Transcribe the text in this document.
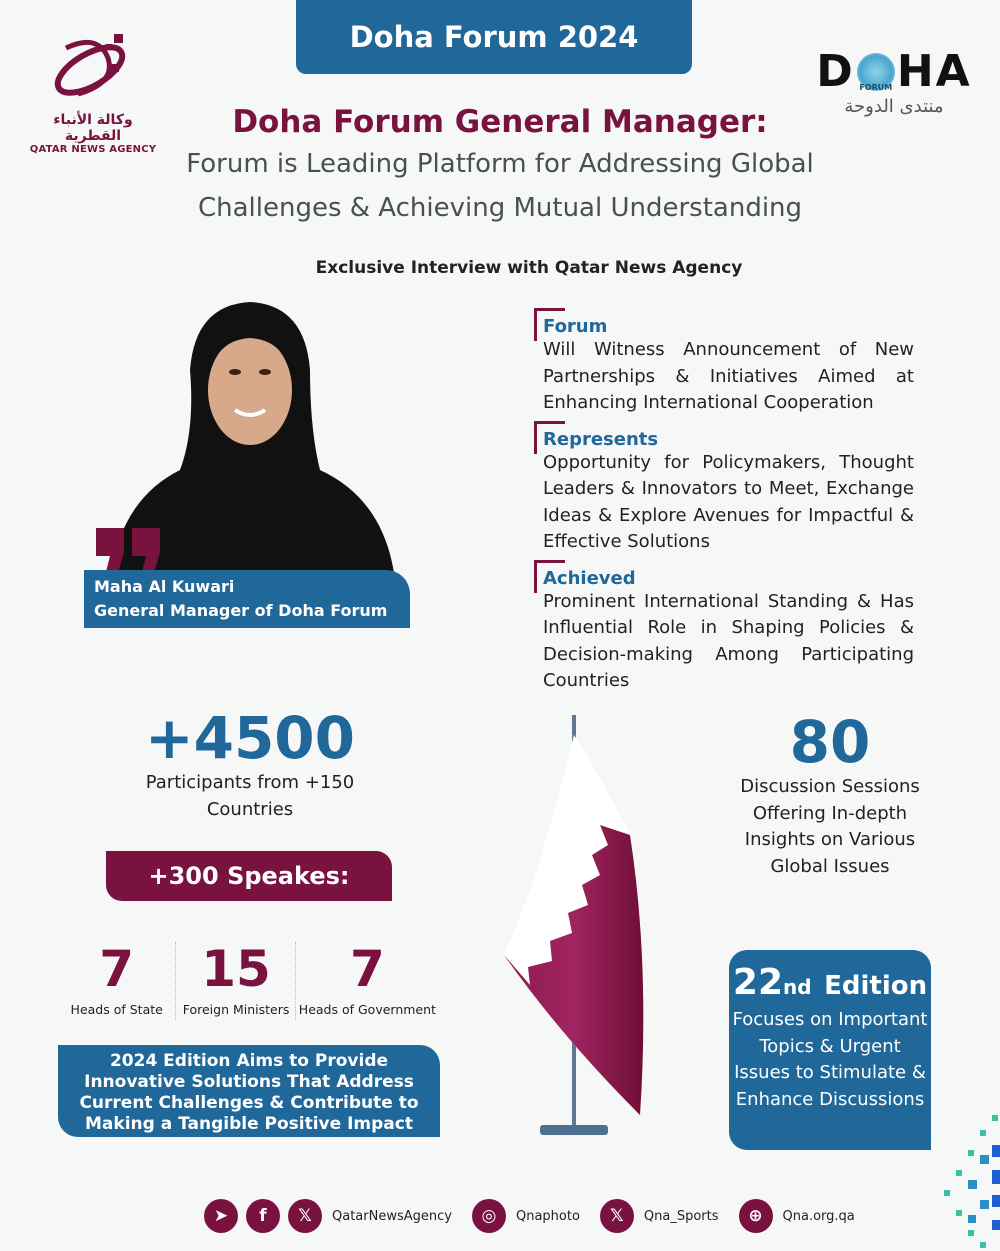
Doha Forum 2024
وكالة الأنباء القطرية
QATAR NEWS AGENCY
D FORUM HA
منتدى الدوحة
Doha Forum General Manager:
Forum is Leading Platform for Addressing Global
Challenges & Achieving Mutual Understanding
Exclusive Interview with Qatar News Agency
Maha Al Kuwari
General Manager of Doha Forum
Forum
Will Witness Announcement of New Partnerships & Initiatives Aimed at Enhancing International Cooperation
Represents
Opportunity for Policymakers, Thought Leaders & Innovators to Meet, Exchange Ideas & Explore Avenues for Impactful & Effective Solutions
Achieved
Prominent International Standing & Has Influential Role in Shaping Policies & Decision-making Among Participating Countries
+4500
Participants from +150 Countries
80
Discussion Sessions Offering In-depth Insights on Various Global Issues
+300 Speakes:
7
Heads of State
15
Foreign Ministers
7
Heads of Government
2024 Edition Aims to Provide Innovative Solutions That Address Current Challenges & Contribute to Making a Tangible Positive Impact
22nd Edition
Focuses on Important Topics & Urgent Issues to Stimulate & Enhance Discussions
➤	f	𝕏	QatarNewsAgency	◎	Qnaphoto	𝕏	Qna_Sports	⊕	Qna.org.qa
